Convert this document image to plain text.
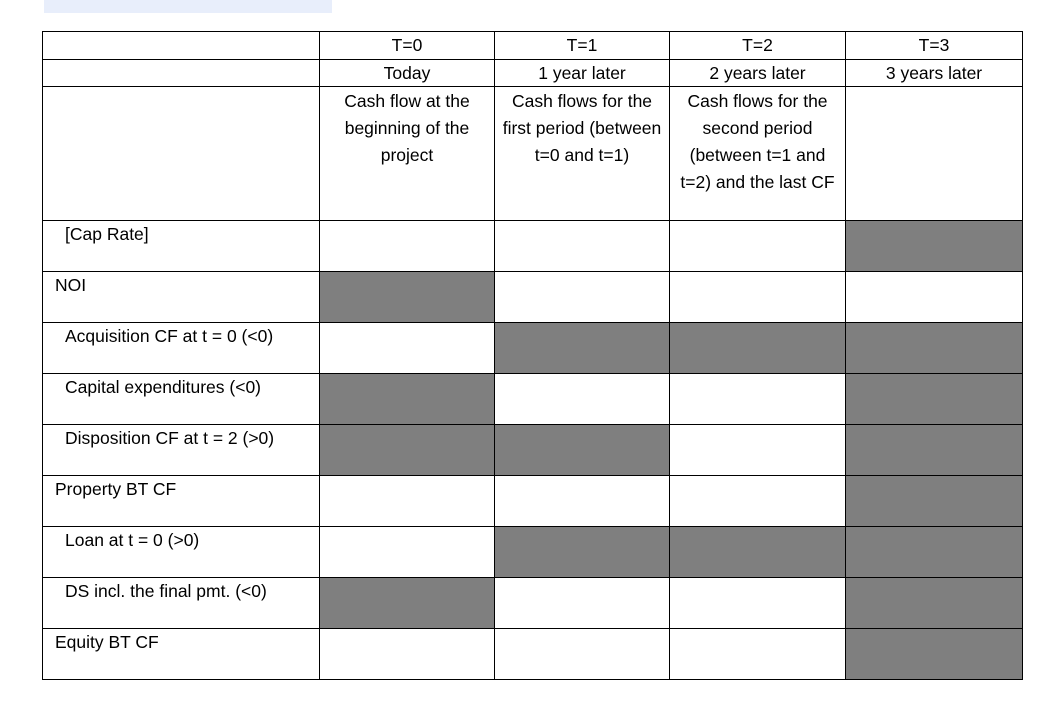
	T=0	T=1	T=2	T=3
	Today	1 year later	2 years later	3 years later

	Cash flow at the beginning of the project	Cash flows for the first period (between t=0 and t=1)	Cash flows for the second period (between t=1 and t=2) and the last CF	

[Cap Rate]				

NOI				

Acquisition CF at t = 0 (<0)				

Capital expenditures (<0)				

Disposition CF at t = 2 (>0)				

Property BT CF				

Loan at t = 0 (>0)				

DS incl. the final pmt. (<0)				

Equity BT CF				
